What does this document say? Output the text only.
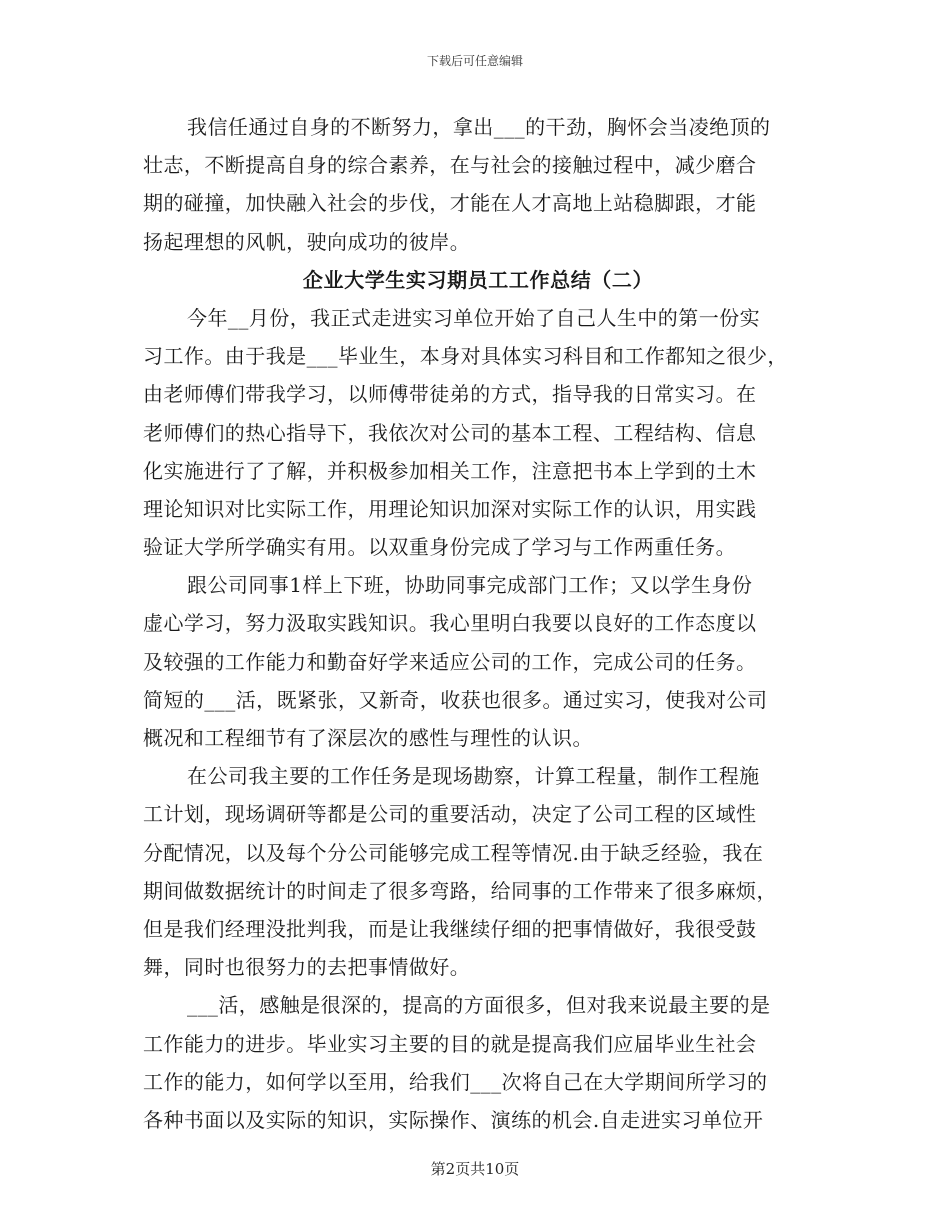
下载后可任意编辑
我信任通过自身的不断努力，拿出___的干劲，胸怀会当凌绝顶的
壮志，不断提高自身的综合素养，在与社会的接触过程中，减少磨合
期的碰撞，加快融入社会的步伐，才能在人才高地上站稳脚跟，才能
扬起理想的风帆，驶向成功的彼岸。
企业大学生实习期员工工作总结（二）
今年__月份，我正式走进实习单位开始了自己人生中的第一份实
习工作。由于我是___毕业生，本身对具体实习科目和工作都知之很少，
由老师傅们带我学习，以师傅带徒弟的方式，指导我的日常实习。在
老师傅们的热心指导下，我依次对公司的基本工程、工程结构、信息
化实施进行了了解，并积极参加相关工作，注意把书本上学到的土木
理论知识对比实际工作，用理论知识加深对实际工作的认识，用实践
验证大学所学确实有用。以双重身份完成了学习与工作两重任务。
跟公司同事1样上下班，协助同事完成部门工作；又以学生身份
虚心学习，努力汲取实践知识。我心里明白我要以良好的工作态度以
及较强的工作能力和勤奋好学来适应公司的工作，完成公司的任务。
简短的___活，既紧张，又新奇，收获也很多。通过实习，使我对公司
概况和工程细节有了深层次的感性与理性的认识。
在公司我主要的工作任务是现场勘察，计算工程量，制作工程施
工计划，现场调研等都是公司的重要活动，决定了公司工程的区域性
分配情况，以及每个分公司能够完成工程等情况.由于缺乏经验，我在
期间做数据统计的时间走了很多弯路，给同事的工作带来了很多麻烦，
但是我们经理没批判我，而是让我继续仔细的把事情做好，我很受鼓
舞，同时也很努力的去把事情做好。
___活，感触是很深的，提高的方面很多，但对我来说最主要的是
工作能力的进步。毕业实习主要的目的就是提高我们应届毕业生社会
工作的能力，如何学以至用，给我们___次将自己在大学期间所学习的
各种书面以及实际的知识，实际操作、演练的机会.自走进实习单位开
第2页共10页
